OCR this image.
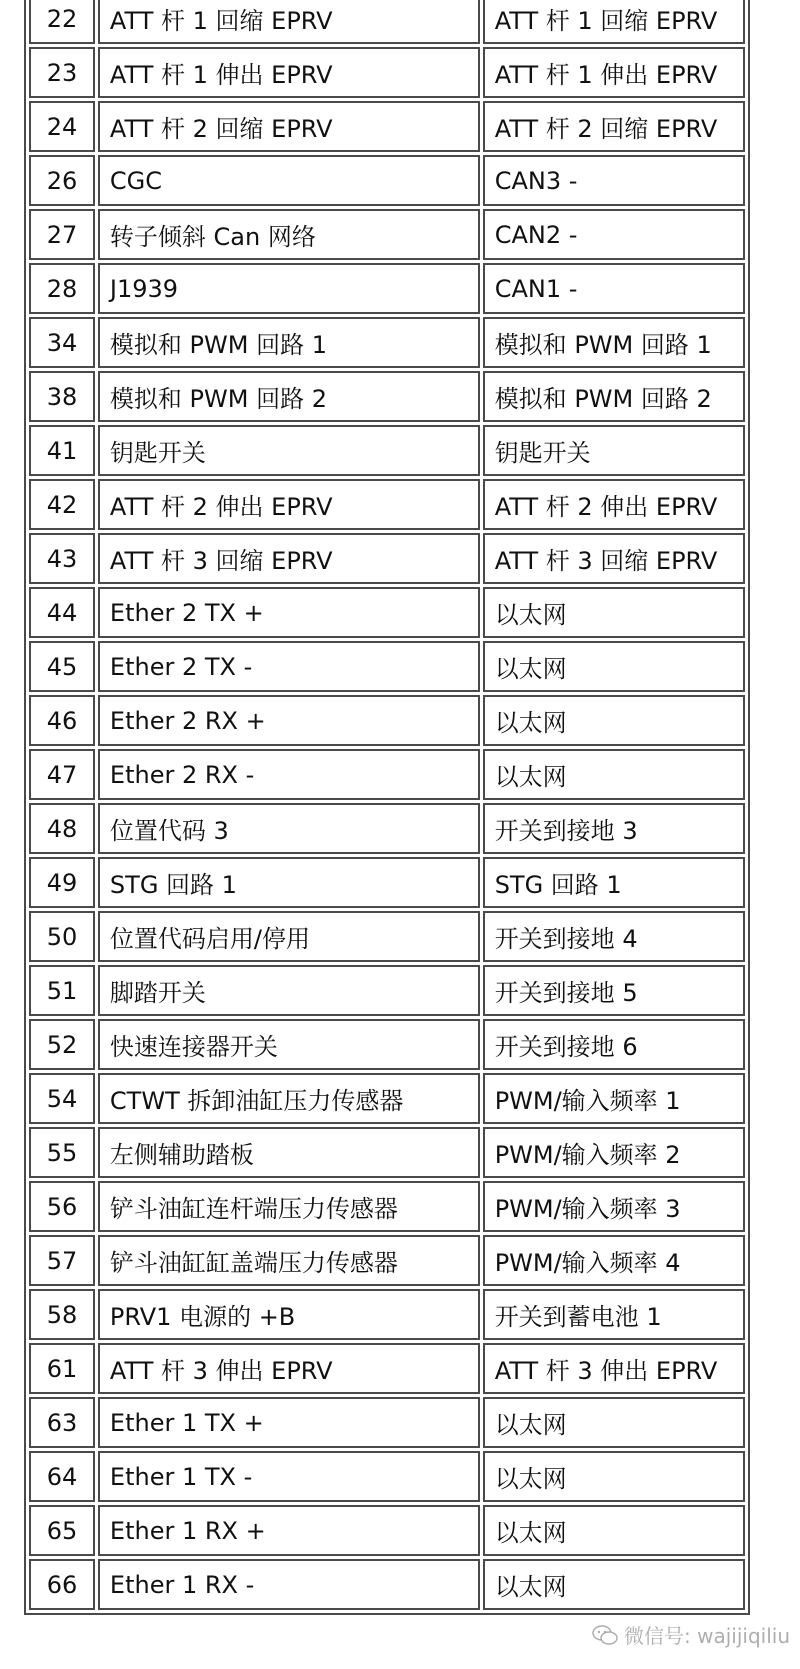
22	ATT 杆 1 回缩 EPRV	ATT 杆 1 回缩 EPRV
23	ATT 杆 1 伸出 EPRV	ATT 杆 1 伸出 EPRV
24	ATT 杆 2 回缩 EPRV	ATT 杆 2 回缩 EPRV
26	CGC	CAN3 -
27	转子倾斜 Can 网络	CAN2 -
28	J1939	CAN1 -
34	模拟和 PWM 回路 1	模拟和 PWM 回路 1
38	模拟和 PWM 回路 2	模拟和 PWM 回路 2
41	钥匙开关	钥匙开关
42	ATT 杆 2 伸出 EPRV	ATT 杆 2 伸出 EPRV
43	ATT 杆 3 回缩 EPRV	ATT 杆 3 回缩 EPRV
44	Ether 2 TX +	以太网
45	Ether 2 TX -	以太网
46	Ether 2 RX +	以太网
47	Ether 2 RX -	以太网
48	位置代码 3	开关到接地 3
49	STG 回路 1	STG 回路 1
50	位置代码启用/停用	开关到接地 4
51	脚踏开关	开关到接地 5
52	快速连接器开关	开关到接地 6
54	CTWT 拆卸油缸压力传感器	PWM/输入频率 1
55	左侧辅助踏板	PWM/输入频率 2
56	铲斗油缸连杆端压力传感器	PWM/输入频率 3
57	铲斗油缸缸盖端压力传感器	PWM/输入频率 4
58	PRV1 电源的 +B	开关到蓄电池 1
61	ATT 杆 3 伸出 EPRV	ATT 杆 3 伸出 EPRV
63	Ether 1 TX +	以太网
64	Ether 1 TX -	以太网
65	Ether 1 RX +	以太网
66	Ether 1 RX -	以太网
微信号: wajijiqiliu
